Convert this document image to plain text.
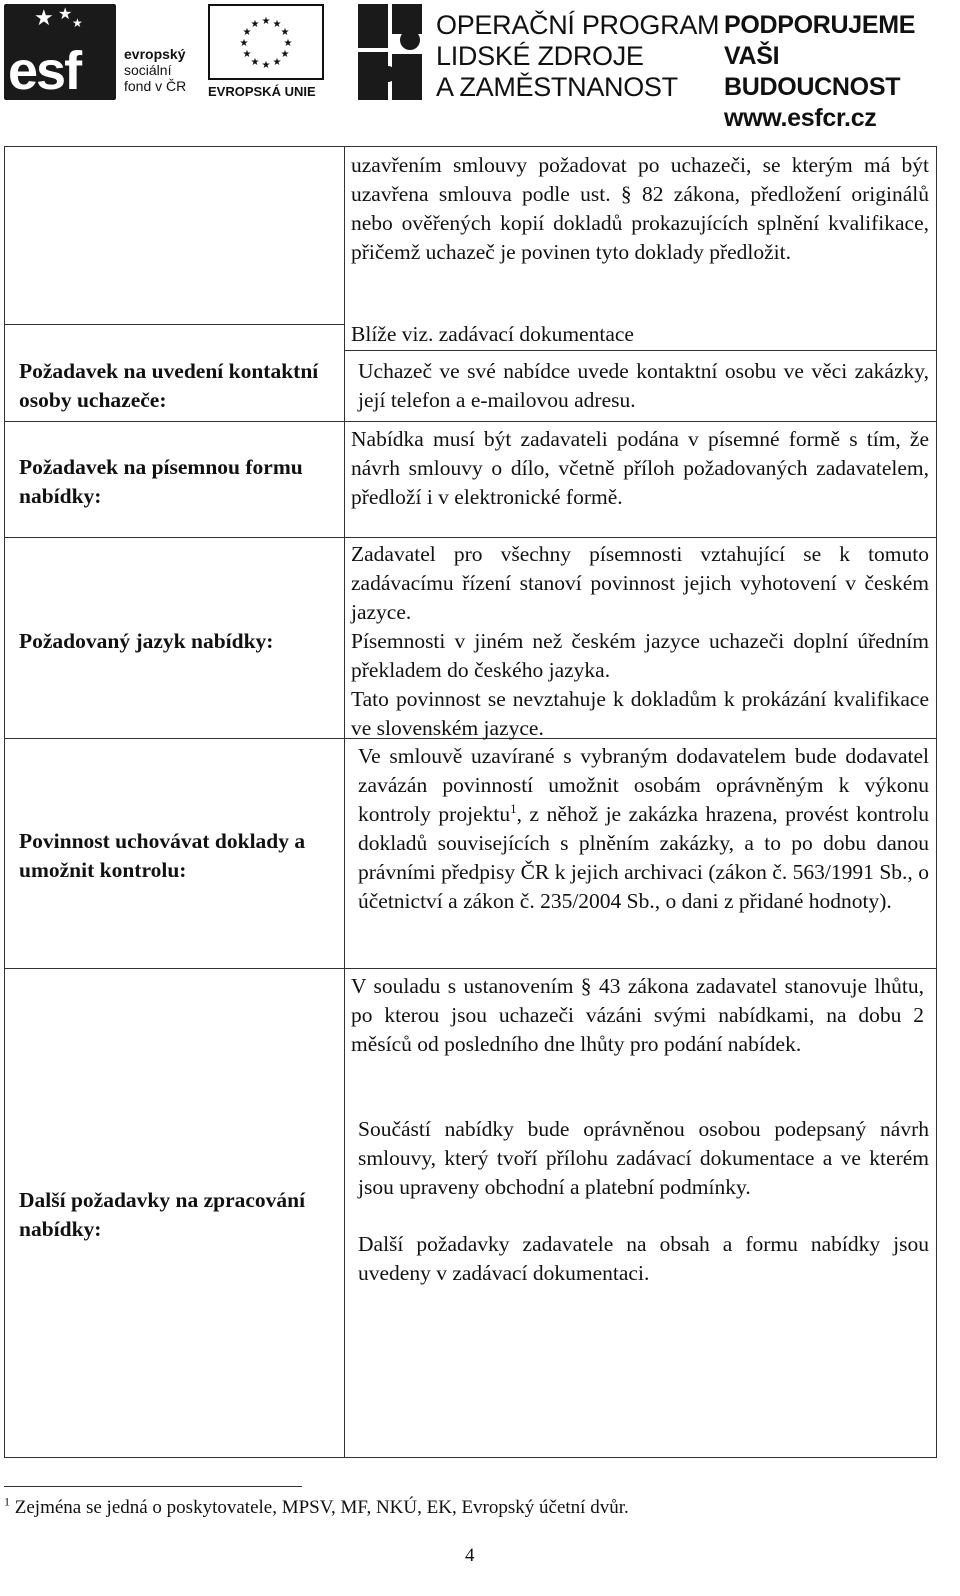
★ ★ ★
esf	evropský
sociální
fond v ČR
★ ★
★
★
★
★
★
★
★
★
★
★
EVROPSKÁ UNIE
OPERAČNÍ PROGRAM
LIDSKÉ ZDROJE
A ZAMĚSTNANOST
PODPORUJEME
VAŠI BUDOUCNOST
www.esfcr.cz

uzavřením smlouvy požadovat po uchazeči, se kterým má být uzavřena smlouva podle ust. § 82 zákona, předložení originálů nebo ověřených kopií dokladů prokazujících splnění kvalifikace, přičemž uchazeč je povinen tyto doklady předložit.

Blíže viz. zadávací dokumentace

Požadavek na uvedení kontaktní osoby uchazeče:

Uchazeč ve své nabídce uvede kontaktní osobu ve věci zakázky, její telefon a e-mailovou adresu.

Požadavek na písemnou formu nabídky:

Nabídka musí být zadavateli podána v písemné formě s tím, že návrh smlouvy o dílo, včetně příloh požadovaných zadavatelem, předloží i v elektronické formě.

Požadovaný jazyk nabídky:

Zadavatel pro všechny písemnosti vztahující se k tomuto zadávacímu řízení stanoví povinnost jejich vyhotovení v českém jazyce.

Písemnosti v jiném než českém jazyce uchazeči doplní úředním překladem do českého jazyka.

Tato povinnost se nevztahuje k dokladům k prokázání kvalifikace ve slovenském jazyce.

Povinnost uchovávat doklady a umožnit kontrolu:

Ve smlouvě uzavírané s vybraným dodavatelem bude dodavatel zavázán povinností umožnit osobám oprávněným k výkonu kontroly projektu$^1$, z něhož je zakázka hrazena, provést kontrolu dokladů souvisejících s plněním zakázky, a to po dobu danou právními předpisy ČR k jejich archivaci (zákon č. 563/1991 Sb., o účetnictví a zákon č. 235/2004 Sb., o dani z přidané hodnoty).

V souladu s ustanovením § 43 zákona zadavatel stanovuje lhůtu, po kterou jsou uchazeči vázáni svými nabídkami, na dobu 2 měsíců od posledního dne lhůty pro podání nabídek.

Další požadavky na zpracování nabídky:

Součástí nabídky bude oprávněnou osobou podepsaný návrh smlouvy, který tvoří přílohu zadávací dokumentace a ve kterém jsou upraveny obchodní a platební podmínky.

Další požadavky zadavatele na obsah a formu nabídky jsou uvedeny v zadávací dokumentaci.

$^1$ Zejména se jedná o poskytovatele, MPSV, MF, NKÚ, EK, Evropský účetní dvůr.
4
